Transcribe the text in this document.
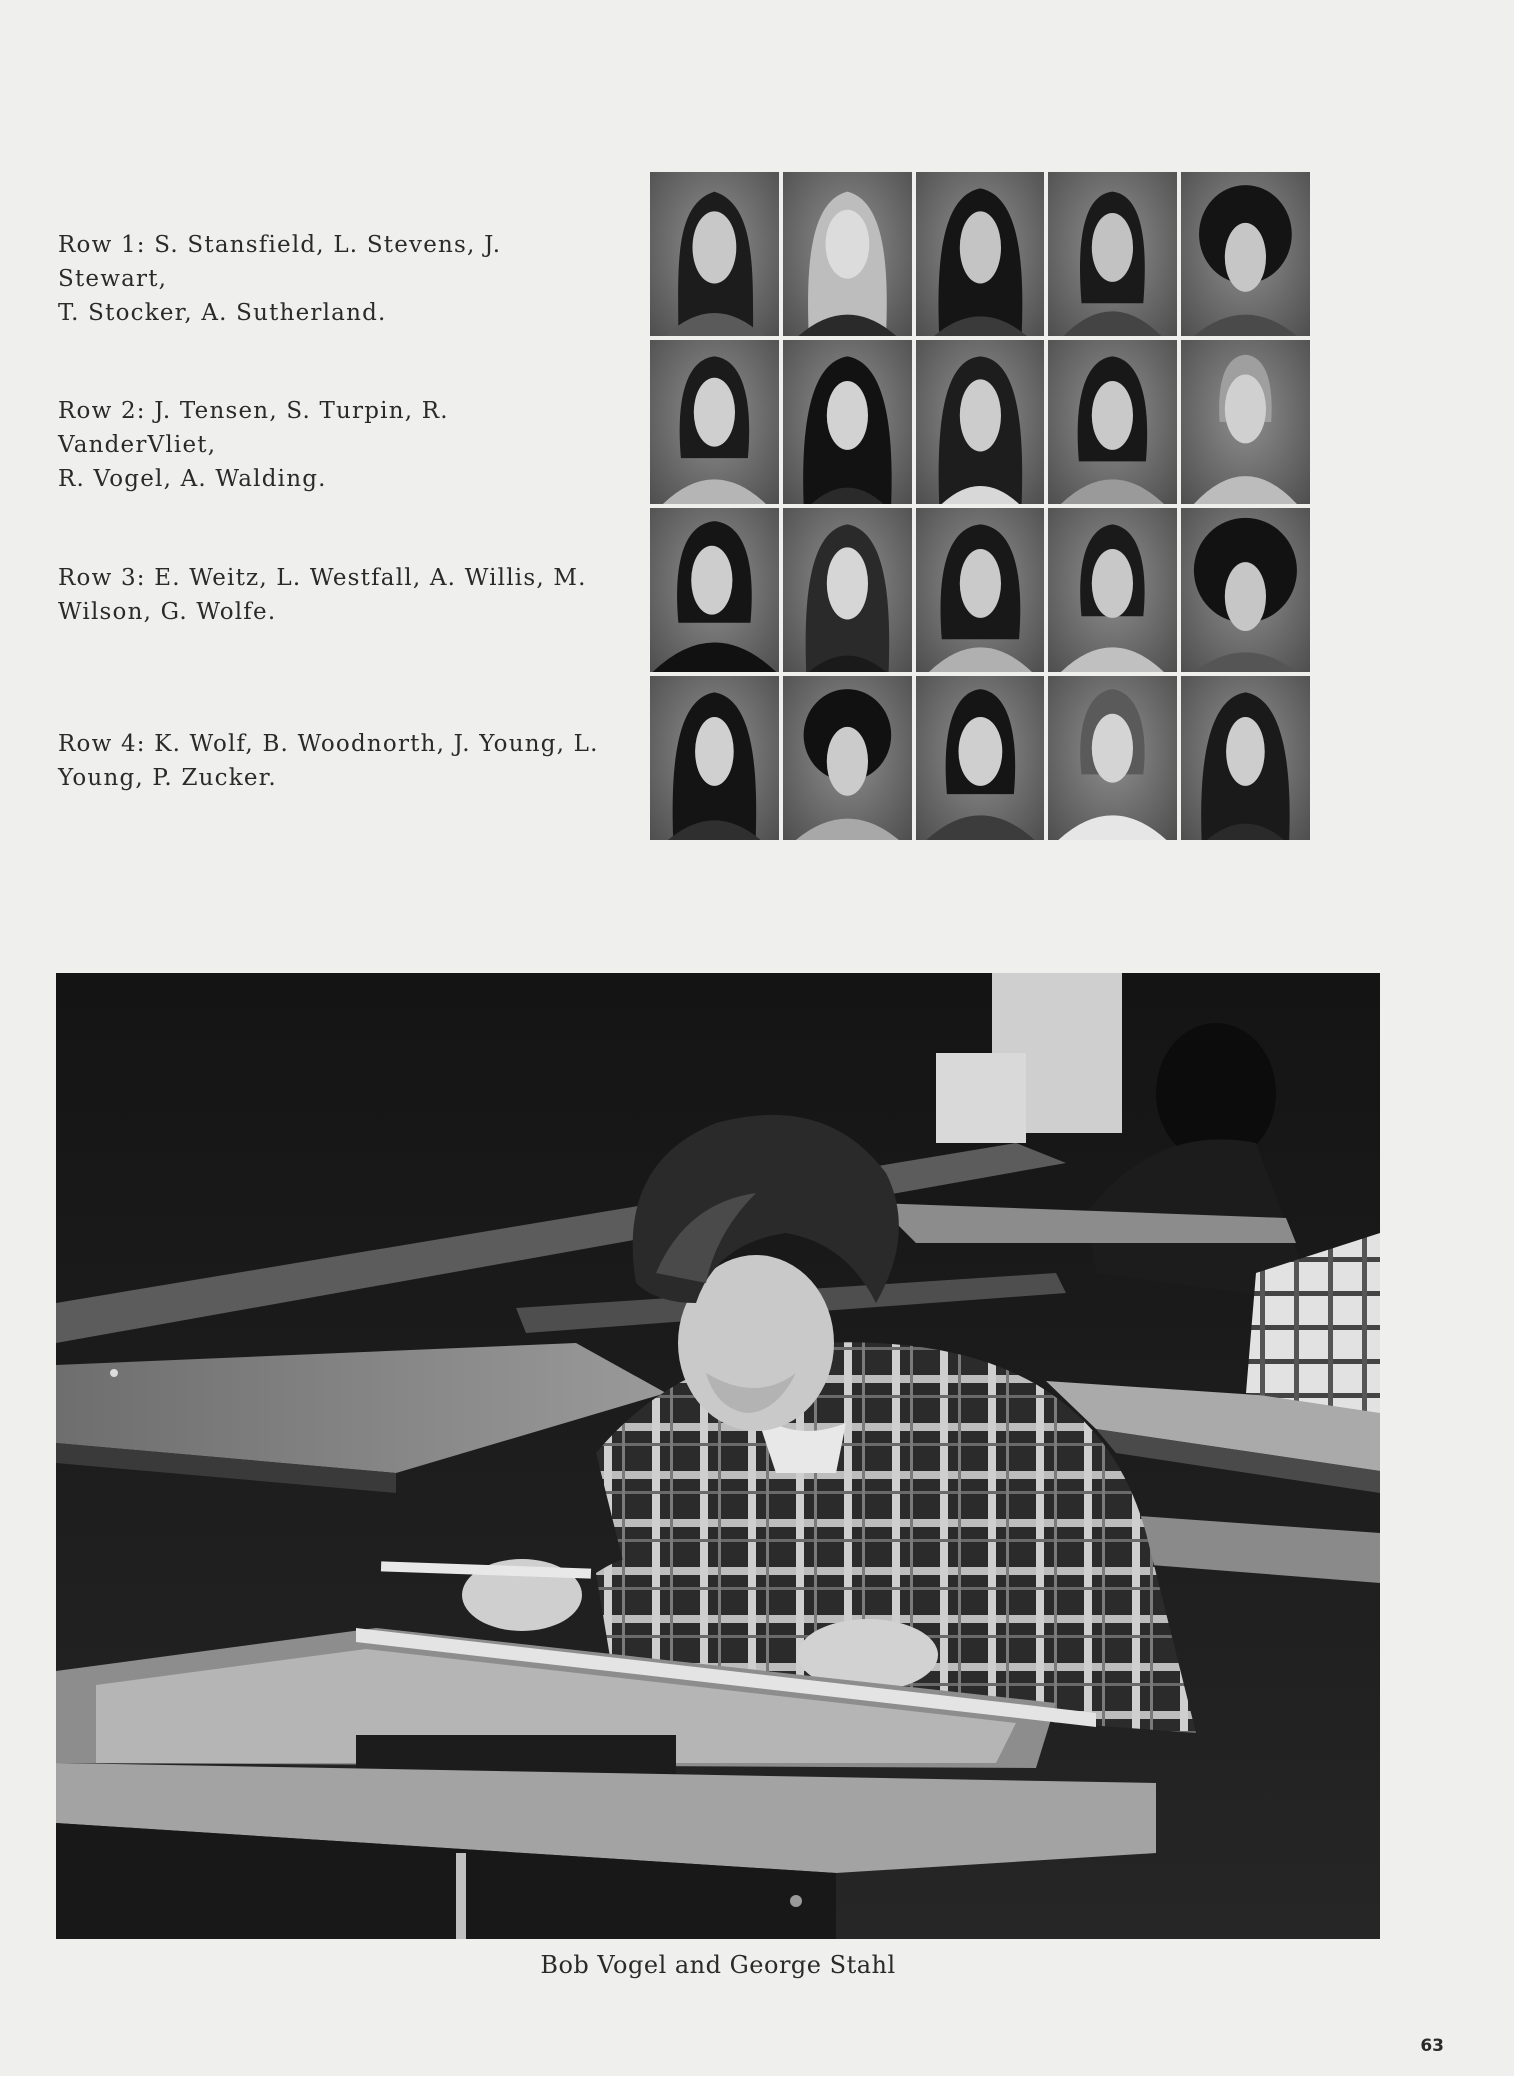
Row 1: S. Stansfield, L. Stevens, J. Stewart,
T. Stocker, A. Sutherland.
Row 2: J. Tensen, S. Turpin, R. VanderVliet,
R. Vogel, A. Walding.
Row 3: E. Weitz, L. Westfall, A. Willis, M.
Wilson, G. Wolfe.
Row 4: K. Wolf, B. Woodnorth, J. Young, L.
Young, P. Zucker.
Bob Vogel and George Stahl
63
